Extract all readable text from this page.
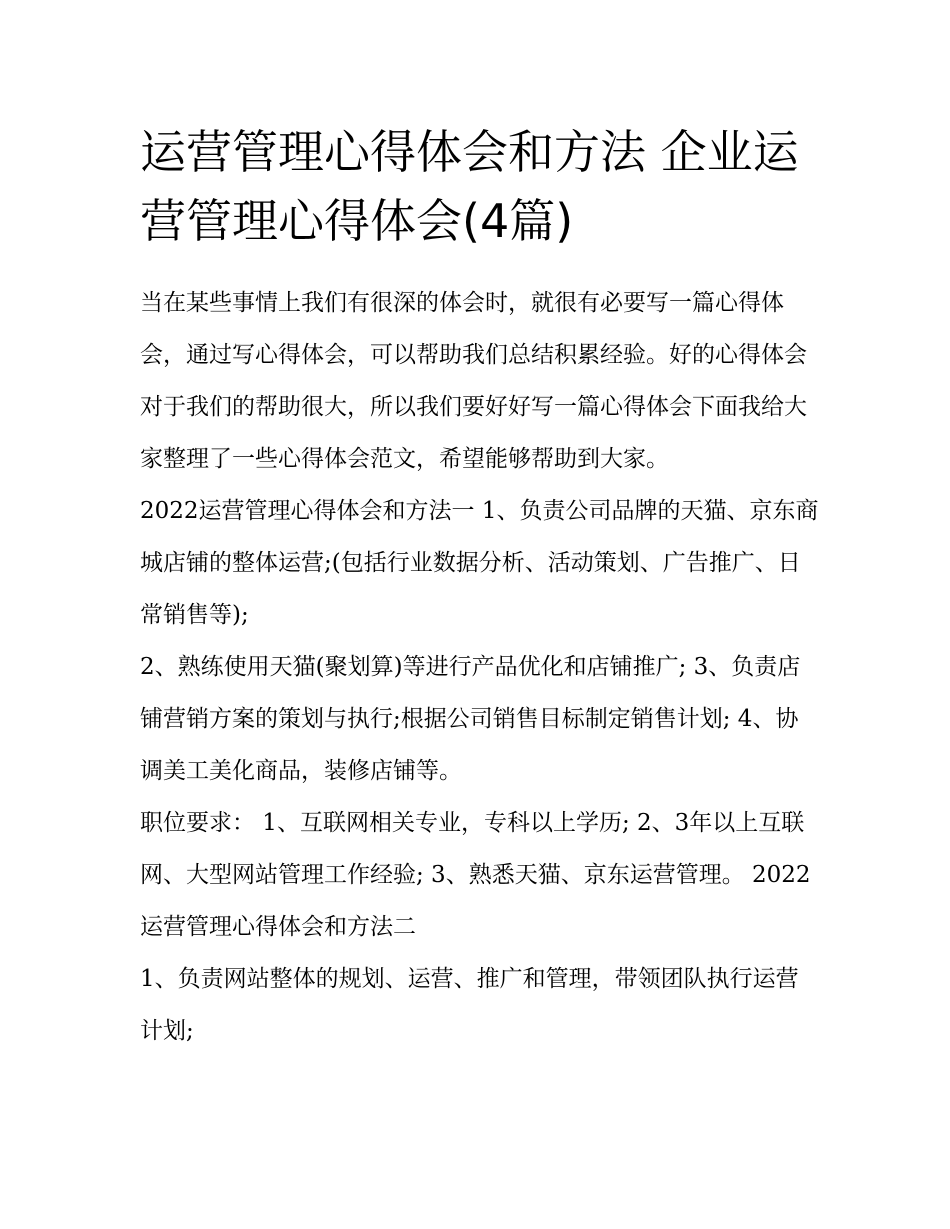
运营管理心得体会和方法 企业运营管理心得体会(4篇)

当在某些事情上我们有很深的体会时，就很有必要写一篇心得体会，通过写心得体会，可以帮助我们总结积累经验。好的心得体会对于我们的帮助很大，所以我们要好好写一篇心得体会下面我给大家整理了一些心得体会范文，希望能够帮助到大家。

2022运营管理心得体会和方法一 1、负责公司品牌的天猫、京东商城店铺的整体运营;(包括行业数据分析、活动策划、广告推广、日常销售等);

2、熟练使用天猫(聚划算)等进行产品优化和店铺推广; 3、负责店铺营销方案的策划与执行;根据公司销售目标制定销售计划; 4、协调美工美化商品，装修店铺等。

职位要求： 1、互联网相关专业，专科以上学历; 2、3年以上互联网、大型网站管理工作经验; 3、熟悉天猫、京东运营管理。 2022运营管理心得体会和方法二

1、负责网站整体的规划、运营、推广和管理，带领团队执行运营计划;
